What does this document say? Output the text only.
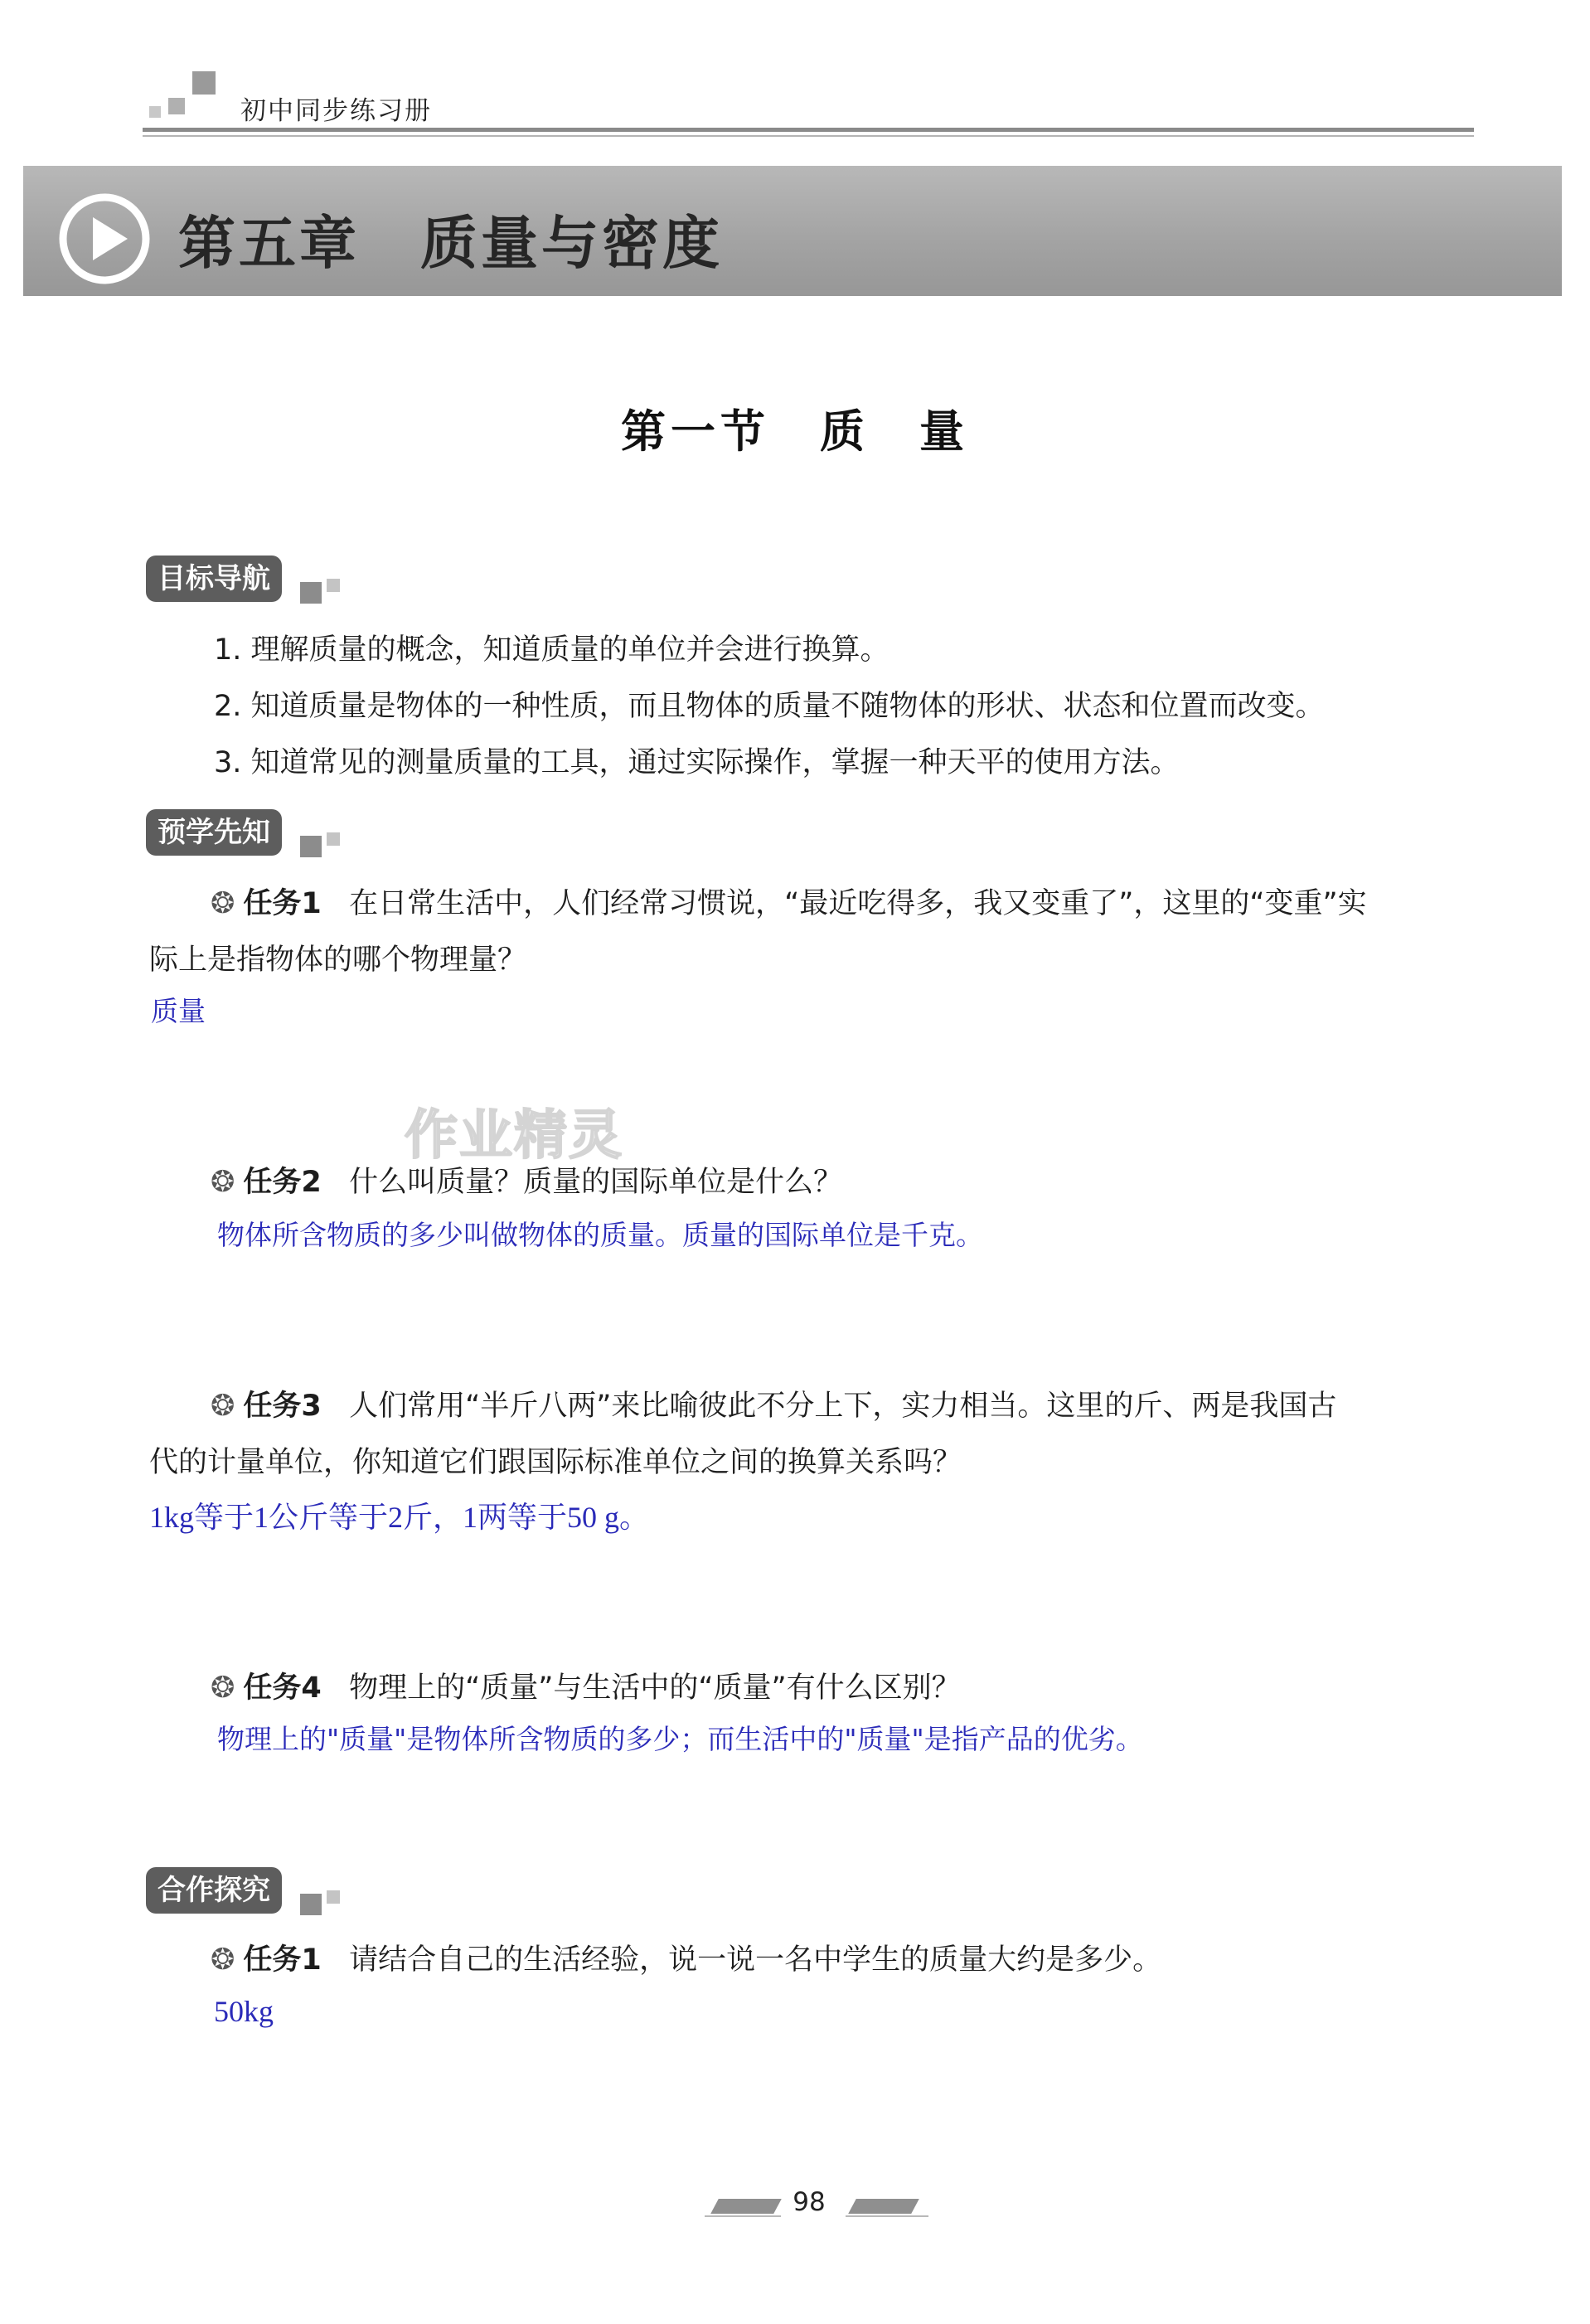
初中同步练习册
第五章　质量与密度
第一节　质　量
目标导航
1. 理解质量的概念，知道质量的单位并会进行换算。
2. 知道质量是物体的一种性质，而且物体的质量不随物体的形状、状态和位置而改变。
3. 知道常见的测量质量的工具，通过实际操作，掌握一种天平的使用方法。
预学先知
❂ 任务1 在日常生活中，人们经常习惯说，“最近吃得多，我又变重了”，这里的“变重”实
际上是指物体的哪个物理量？
质量
作业精灵
❂ 任务2 什么叫质量？质量的国际单位是什么？
物体所含物质的多少叫做物体的质量。质量的国际单位是千克。
❂ 任务3 人们常用“半斤八两”来比喻彼此不分上下，实力相当。这里的斤、两是我国古
代的计量单位，你知道它们跟国际标准单位之间的换算关系吗？
1kg等于1公斤等于2斤，1两等于50 g。
❂ 任务4 物理上的“质量”与生活中的“质量”有什么区别？
物理上的"质量"是物体所含物质的多少；而生活中的"质量"是指产品的优劣。
合作探究
❂ 任务1 请结合自己的生活经验，说一说一名中学生的质量大约是多少。
50kg
98
